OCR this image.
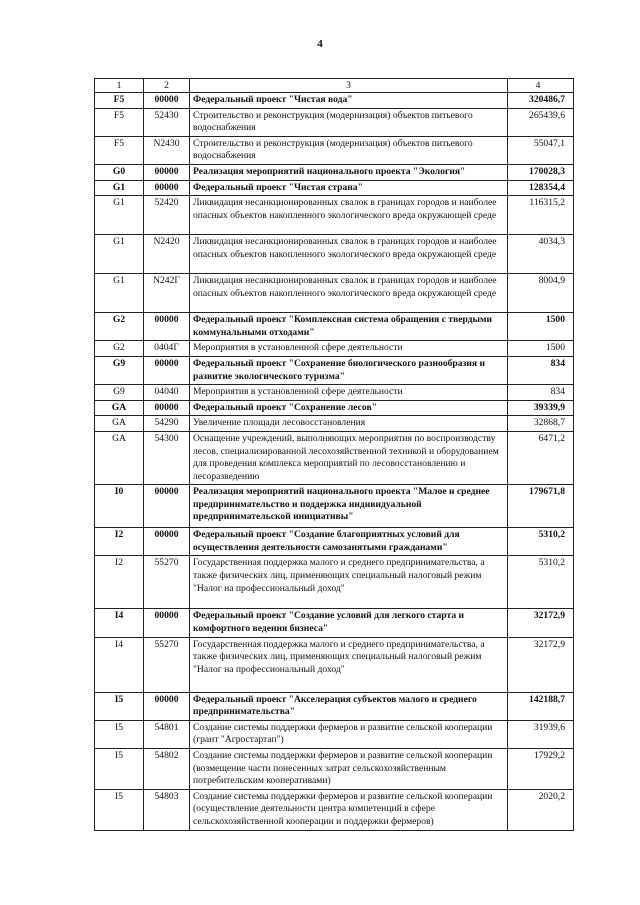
4
1	2	3	4
F5	00000	Федеральный проект "Чистая вода"	320486,7
F5	52430	Строительство и реконструкция (модернизация) объектов питьевого водоснабжения	265439,6
F5	N2430	Строительство и реконструкция (модернизация) объектов питьевого водоснабжения	55047,1
G0	00000	Реализация мероприятий национального проекта "Экология"	170028,3
G1	00000	Федеральный проект "Чистая страна"	128354,4
G1	52420	Ликвидация несанкционированных свалок в границах городов и наиболее опасных объектов накопленного экологического вреда окружающей среде	116315,2
G1	N2420	Ликвидация несанкционированных свалок в границах городов и наиболее опасных объектов накопленного экологического вреда окружающей среде	4034,3
G1	N242Г	Ликвидация несанкционированных свалок в границах городов и наиболее опасных объектов накопленного экологического вреда окружающей среде	8004,9
G2	00000	Федеральный проект "Комплексная система обращения с твердыми коммунальными отходами"	1500
G2	0404Г	Мероприятия в установленной сфере деятельности	1500
G9	00000	Федеральный проект "Сохранение биологического разнообразия и развитие экологического туризма"	834
G9	04040	Мероприятия в установленной сфере деятельности	834
GA	00000	Федеральный проект "Сохранение лесов"	39339,9
GA	54290	Увеличение площади лесовосстановления	32868,7
GA	54300	Оснащение учреждений, выполняющих мероприятия по воспроизводству лесов, специализированной лесохозяйственной техникой и оборудованием для проведения комплекса мероприятий по лесовосстановлению и лесоразведению	6471,2
I0	00000	Реализация мероприятий национального проекта "Малое и среднее предпринимательство и поддержка индивидуальной предпринимательской инициативы"	179671,8
I2	00000	Федеральный проект "Создание благоприятных условий для осуществления деятельности самозанятыми гражданами"	5310,2
I2	55270	Государственная поддержка малого и среднего предпринимательства, а также физических лиц, применяющих специальный налоговый режим "Налог на профессиональный доход"	5310,2
I4	00000	Федеральный проект "Создание условий для легкого старта и комфортного ведения бизнеса"	32172,9
I4	55270	Государственная поддержка малого и среднего предпринимательства, а также физических лиц, применяющих специальный налоговый режим "Налог на профессиональный доход"	32172,9
I5	00000	Федеральный проект "Акселерация субъектов малого и среднего предпринимательства"	142188,7
I5	54801	Создание системы поддержки фермеров и развитие сельской кооперации (грант "Агростартап")	31939,6
I5	54802	Создание системы поддержки фермеров и развитие сельской кооперации (возмещение части понесенных затрат сельскохозяйственным потребительским кооперативами)	17929,2
I5	54803	Создание системы поддержки фермеров и развитие сельской кооперации (осуществление деятельности центра компетенций в сфере сельскохозяйственной кооперации и поддержки фермеров)	2020,2
